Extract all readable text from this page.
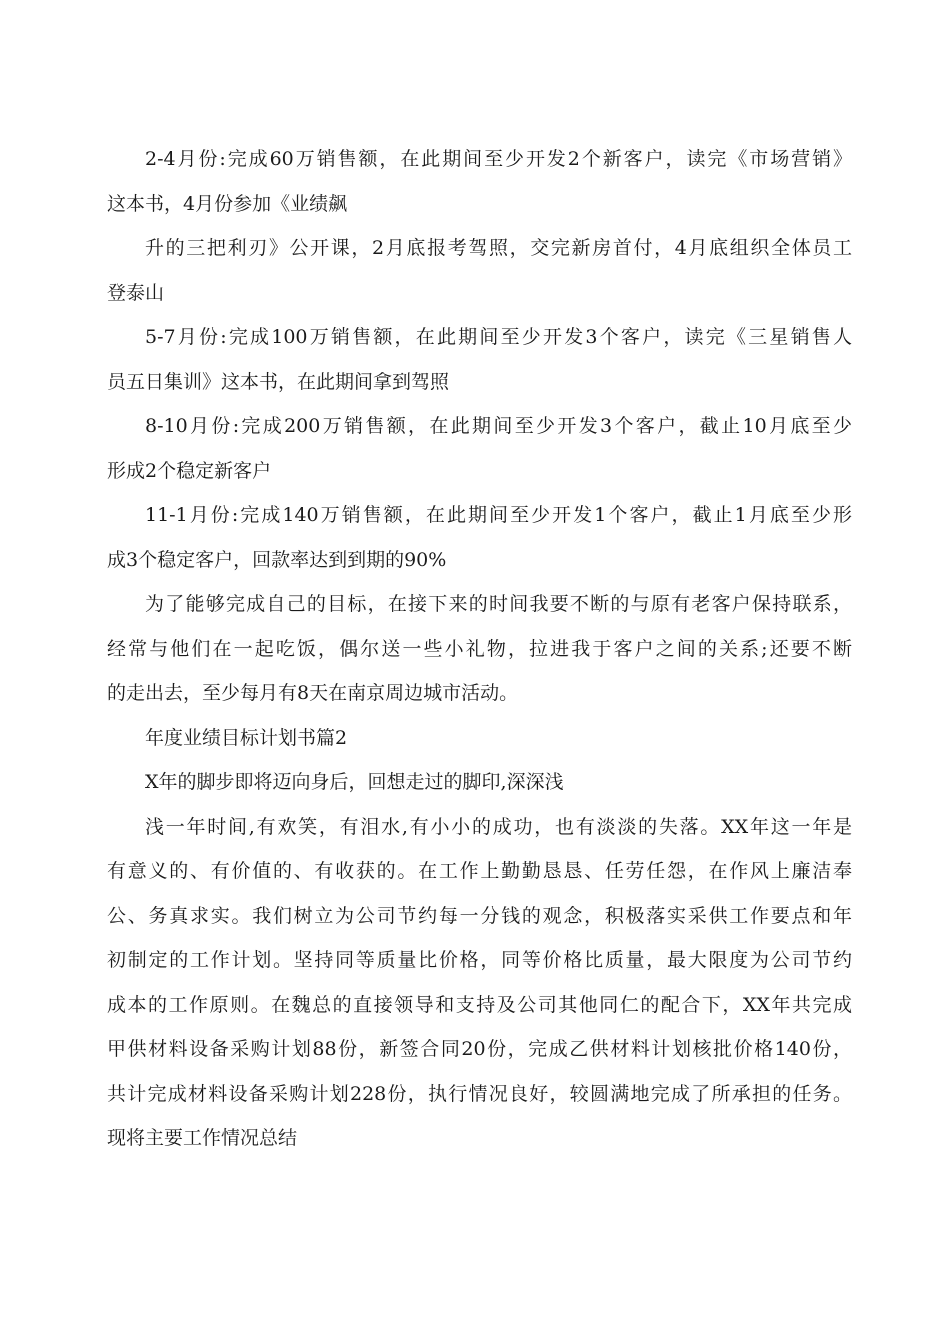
2-4月份:完成60万销售额，在此期间至少开发2个新客户，读完《市场营销》
这本书，4月份参加《业绩飙
升的三把利刃》公开课，2月底报考驾照，交完新房首付，4月底组织全体员工
登泰山
5-7月份:完成100万销售额，在此期间至少开发3个客户，读完《三星销售人
员五日集训》这本书，在此期间拿到驾照
8-10月份:完成200万销售额，在此期间至少开发3个客户，截止10月底至少
形成2个稳定新客户
11-1月份:完成140万销售额，在此期间至少开发1个客户，截止1月底至少形
成3个稳定客户，回款率达到到期的90%
为了能够完成自己的目标，在接下来的时间我要不断的与原有老客户保持联系，
经常与他们在一起吃饭，偶尔送一些小礼物，拉进我于客户之间的关系;还要不断
的走出去，至少每月有8天在南京周边城市活动。
年度业绩目标计划书篇2
X年的脚步即将迈向身后，回想走过的脚印,深深浅
浅一年时间,有欢笑，有泪水,有小小的成功，也有淡淡的失落。XX年这一年是
有意义的、有价值的、有收获的。在工作上勤勤恳恳、任劳任怨，在作风上廉洁奉
公、务真求实。我们树立为公司节约每一分钱的观念，积极落实采供工作要点和年
初制定的工作计划。坚持同等质量比价格，同等价格比质量，最大限度为公司节约
成本的工作原则。在魏总的直接领导和支持及公司其他同仁的配合下，XX年共完成
甲供材料设备采购计划88份，新签合同20份，完成乙供材料计划核批价格140份，
共计完成材料设备采购计划228份，执行情况良好，较圆满地完成了所承担的任务。
现将主要工作情况总结
